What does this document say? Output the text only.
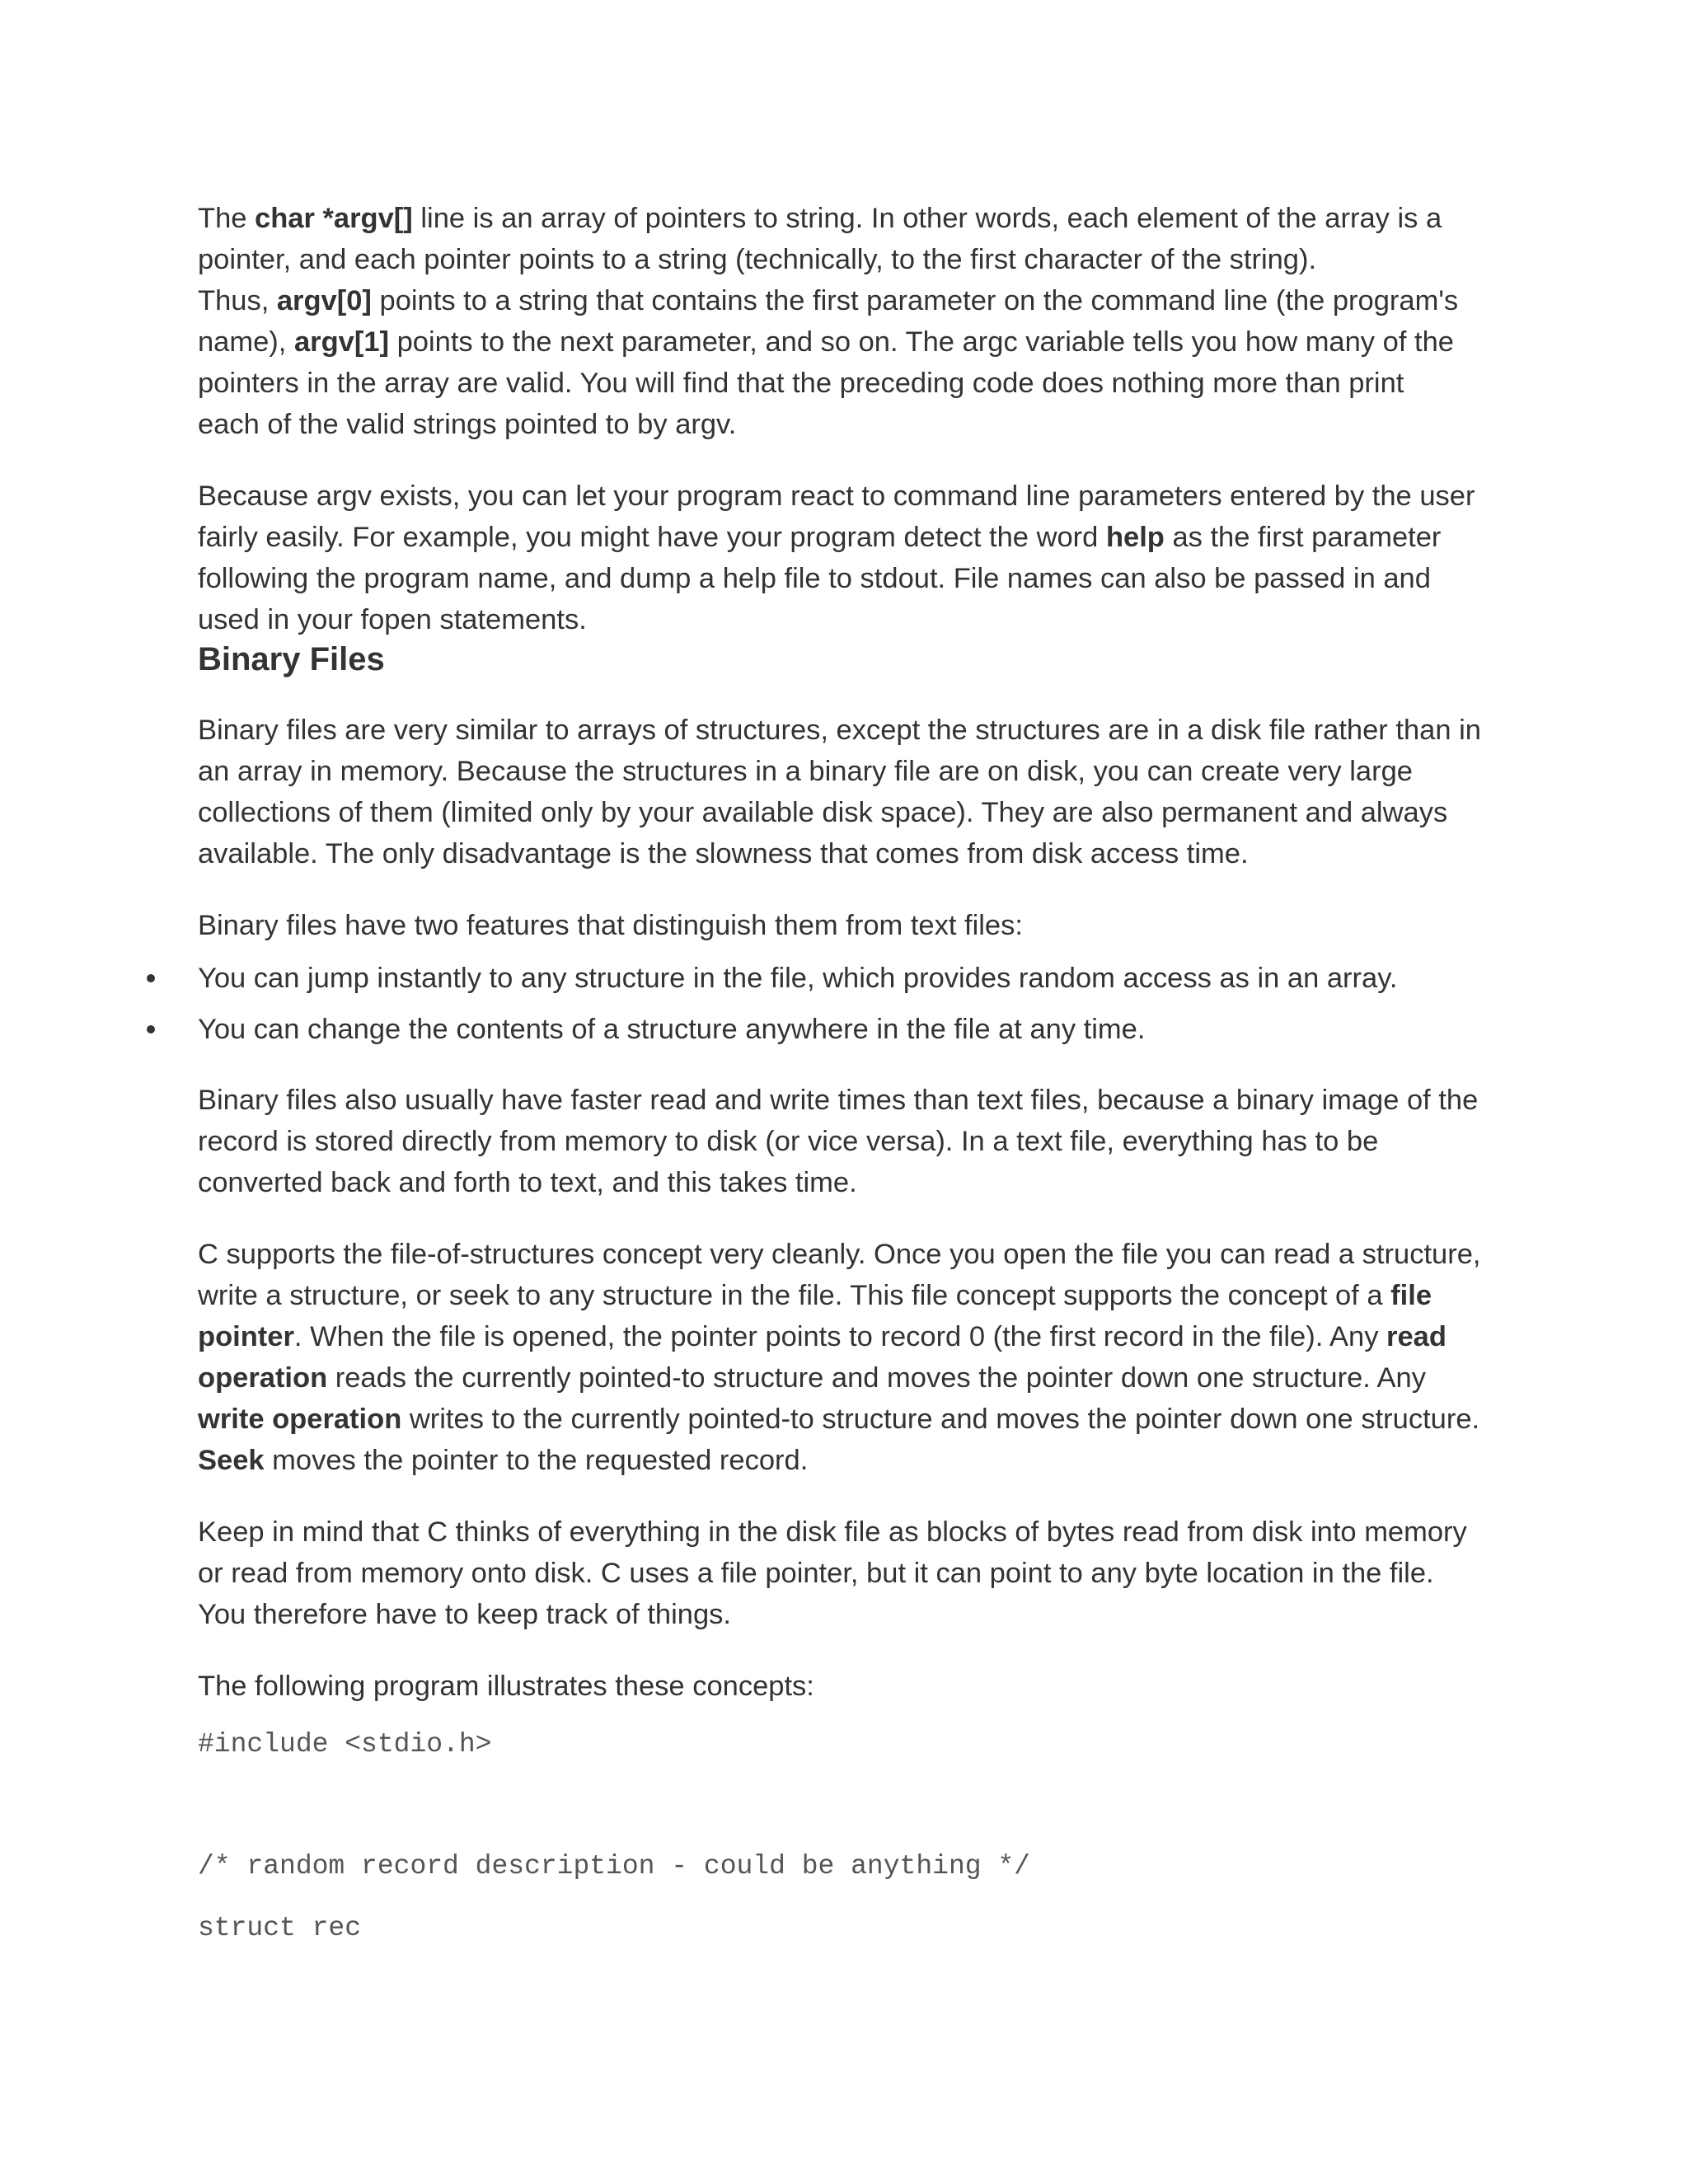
The char *argv[] line is an array of pointers to string. In other words, each element of the array is a pointer, and each pointer points to a string (technically, to the first character of the string).
Thus, argv[0] points to a string that contains the first parameter on the command line (the program's name), argv[1] points to the next parameter, and so on. The argc variable tells you how many of the pointers in the array are valid. You will find that the preceding code does nothing more than print each of the valid strings pointed to by argv.

Because argv exists, you can let your program react to command line parameters entered by the user fairly easily. For example, you might have your program detect the word help as the first parameter following the program name, and dump a help file to stdout. File names can also be passed in and used in your fopen statements.

Binary Files

Binary files are very similar to arrays of structures, except the structures are in a disk file rather than in an array in memory. Because the structures in a binary file are on disk, you can create very large collections of them (limited only by your available disk space). They are also permanent and always available. The only disadvantage is the slowness that comes from disk access time.

Binary files have two features that distinguish them from text files:

You can jump instantly to any structure in the file, which provides random access as in an array.
You can change the contents of a structure anywhere in the file at any time.

Binary files also usually have faster read and write times than text files, because a binary image of the record is stored directly from memory to disk (or vice versa). In a text file, everything has to be converted back and forth to text, and this takes time.

C supports the file-of-structures concept very cleanly. Once you open the file you can read a structure, write a structure, or seek to any structure in the file. This file concept supports the concept of a file pointer. When the file is opened, the pointer points to record 0 (the first record in the file). Any read operation reads the currently pointed-to structure and moves the pointer down one structure. Any write operation writes to the currently pointed-to structure and moves the pointer down one structure. Seek moves the pointer to the requested record.

Keep in mind that C thinks of everything in the disk file as blocks of bytes read from disk into memory or read from memory onto disk. C uses a file pointer, but it can point to any byte location in the file. You therefore have to keep track of things.

The following program illustrates these concepts:

#include <stdio.h>
/* random record description - could be anything */
struct rec
